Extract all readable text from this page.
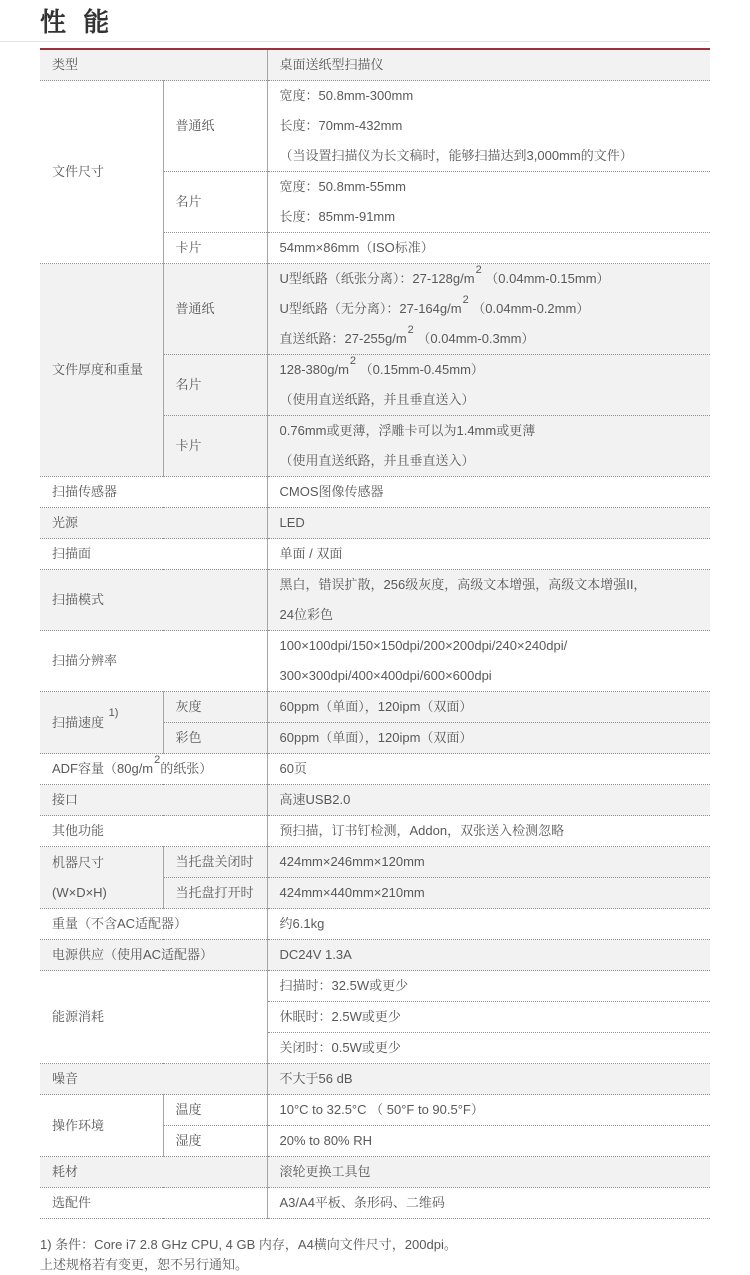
性 能
类型		桌面送纸型扫描仪

文件尺寸	普通纸	宽度：50.8mm-300mm
长度：70mm-432mm
（当设置扫描仪为长文稿时，能够扫描达到3,000mm的文件）

	名片	宽度：50.8mm-55mm
长度：85mm-91mm

	卡片	54mm×86mm（ISO标准）

文件厚度和重量	普通纸	U型纸路（纸张分离）：$27-128g/m^2$ （0.04mm-0.15mm）
U型纸路（无分离）：$27-164g/m^2$ （0.04mm-0.2mm）
直送纸路：$27-255g/m^2$ （0.04mm-0.3mm）

	名片	$128-380g/m^2$ （0.15mm-0.45mm）
（使用直送纸路，并且垂直送入）

	卡片	0.76mm或更薄，浮雕卡可以为1.4mm或更薄
（使用直送纸路，并且垂直送入）

扫描传感器		CMOS图像传感器

光源		LED

扫描面		单面 / 双面

扫描模式		黑白，错误扩散，256级灰度，高级文本增强，高级文本增强II，
24位彩色

扫描分辨率		100×100dpi/150×150dpi/200×200dpi/240×240dpi/
300×300dpi/400×400dpi/600×600dpi

扫描速度 $^{1)}$	灰度	60ppm（单面），120ipm（双面）

	彩色	60ppm（单面），120ipm（双面）

ADF容量（$80g/m^2$的纸张）		60页

接口		高速USB2.0

其他功能		预扫描，订书钉检测，Addon，双张送入检测忽略

机器尺寸
(W×D×H)	当托盘关闭时	424mm×246mm×120mm

	当托盘打开时	424mm×440mm×210mm

重量（不含AC适配器）		约6.1kg

电源供应（使用AC适配器）		DC24V 1.3A

能源消耗		扫描时：32.5W或更少

		休眠时：2.5W或更少

		关闭时：0.5W或更少

噪音		不大于56 dB

操作环境	温度	10°C to 32.5°C （ 50°F to 90.5°F）

	湿度	20% to 80% RH

耗材		滚轮更换工具包

选配件		A3/A4平板、条形码、二维码
1) 条件：Core i7 2.8 GHz CPU, 4 GB 内存，A4横向文件尺寸，200dpi。
上述规格若有变更，恕不另行通知。
